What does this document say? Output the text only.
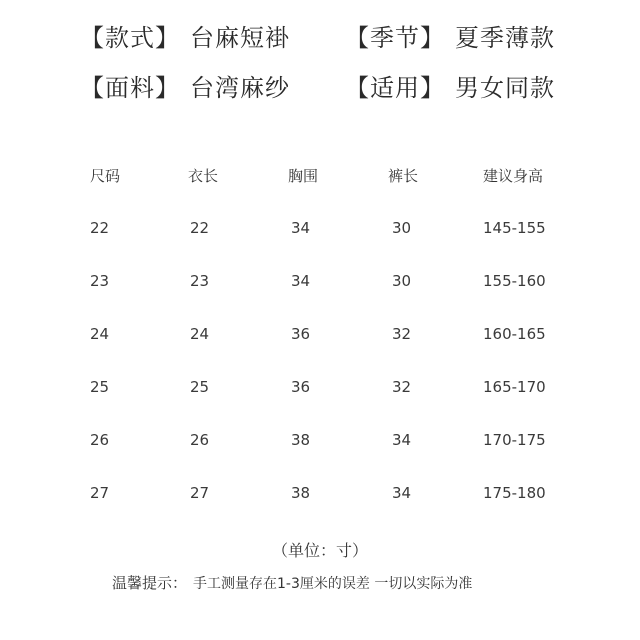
【款式】 台麻短褂 【季节】 夏季薄款
【面料】 台湾麻纱 【适用】 男女同款
尺码	衣长	胸围	裤长	建议身高
22	22	34	30	145-155
23	23	34	30	155-160
24	24	36	32	160-165
25	25	36	32	165-170
26	26	38	34	170-175
27	27	38	34	175-180
（单位：寸）
温馨提示： 手工测量存在1-3厘米的误差 一切以实际为准
